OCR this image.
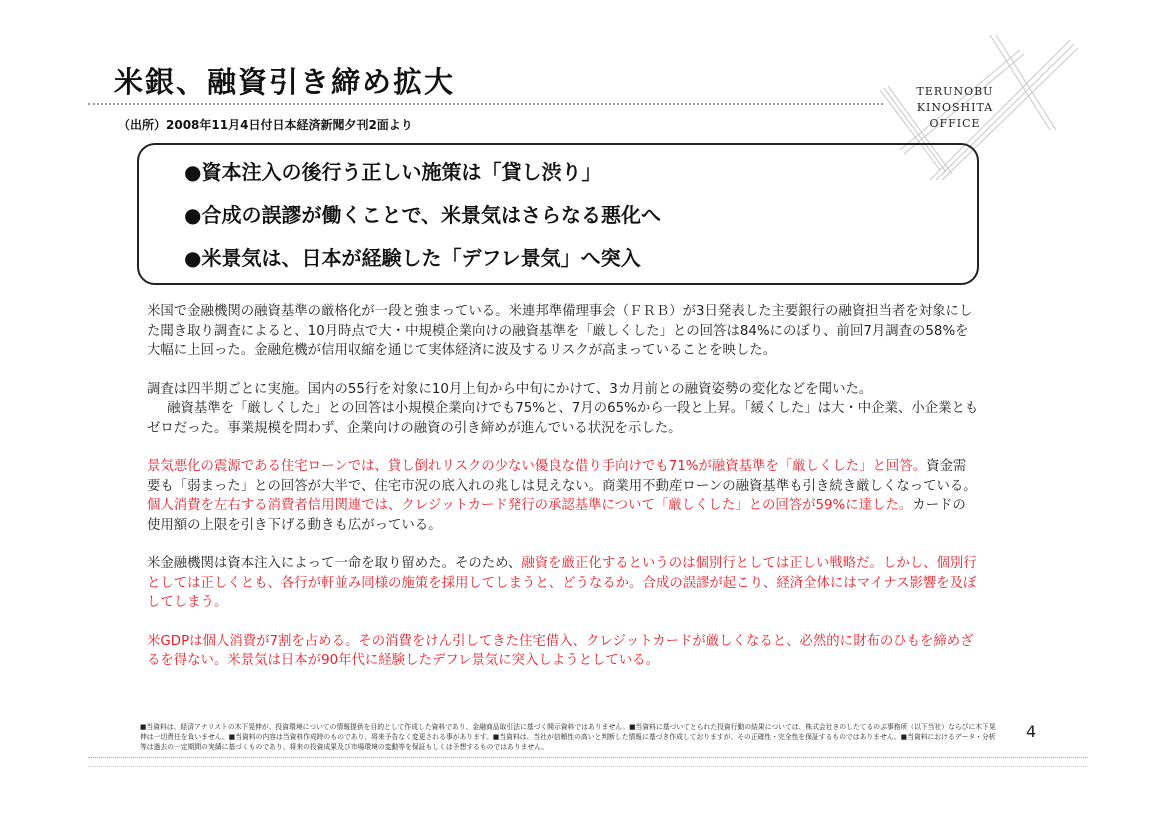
米銀、融資引き締め拡大
（出所）2008年11月4日付日本経済新聞夕刊2面より
TERUNOBU
KINOSHITA
OFFICE
●資本注入の後行う正しい施策は「貸し渋り」
●合成の誤謬が働くことで、米景気はさらなる悪化へ
●米景気は、日本が経験した「デフレ景気」へ突入

米国で金融機関の融資基準の厳格化が一段と強まっている。米連邦準備理事会（ＦＲＢ）が3日発表した主要銀行の融資担当者を対象にした聞き取り調査によると、10月時点で大・中規模企業向けの融資基準を「厳しくした」との回答は84%にのぼり、前回7月調査の58%を大幅に上回った。金融危機が信用収縮を通じて実体経済に波及するリスクが高まっていることを映した。

調査は四半期ごとに実施。国内の55行を対象に10月上旬から中旬にかけて、3カ月前との融資姿勢の変化などを聞いた。
融資基準を「厳しくした」との回答は小規模企業向けでも75%と、7月の65%から一段と上昇。「緩くした」は大・中企業、小企業ともゼロだった。事業規模を問わず、企業向けの融資の引き締めが進んでいる状況を示した。

景気悪化の震源である住宅ローンでは、貸し倒れリスクの少ない優良な借り手向けでも71%が融資基準を「厳しくした」と回答。資金需要も「弱まった」との回答が大半で、住宅市況の底入れの兆しは見えない。商業用不動産ローンの融資基準も引き続き厳しくなっている。個人消費を左右する消費者信用関連では、クレジットカード発行の承認基準について「厳しくした」との回答が59%に達した。カードの使用額の上限を引き下げる動きも広がっている。

米金融機関は資本注入によって一命を取り留めた。そのため、融資を厳正化するというのは個別行としては正しい戦略だ。しかし、個別行としては正しくとも、各行が軒並み同様の施策を採用してしまうと、どうなるか。合成の誤謬が起こり、経済全体にはマイナス影響を及ぼしてしまう。

米GDPは個人消費が7割を占める。その消費をけん引してきた住宅借入、クレジットカードが厳しくなると、必然的に財布のひもを締めざるを得ない。米景気は日本が90年代に経験したデフレ景気に突入しようとしている。

■当資料は、経済アナリストの木下晃伸が、投資環境についての情報提供を目的として作成した資料であり、金融商品取引法に基づく開示資料ではありません。■当資料に基づいてとられた投資行動の結果については、株式会社きのしたてるのぶ事務所（以下当社）ならびに木下晃伸は一切責任を負いません。■当資料の内容は当資料作成時のものであり、将来予告なく変更される事があります。■当資料は、当社が信頼性の高いと判断した情報に基づき作成しておりますが、その正確性・完全性を保証するものではありません。■当資料におけるデータ・分析等は過去の一定期間の実績に基づくものであり、将来の投資成果及び市場環境の変動等を保証もしくは予想するものではありません。
4
